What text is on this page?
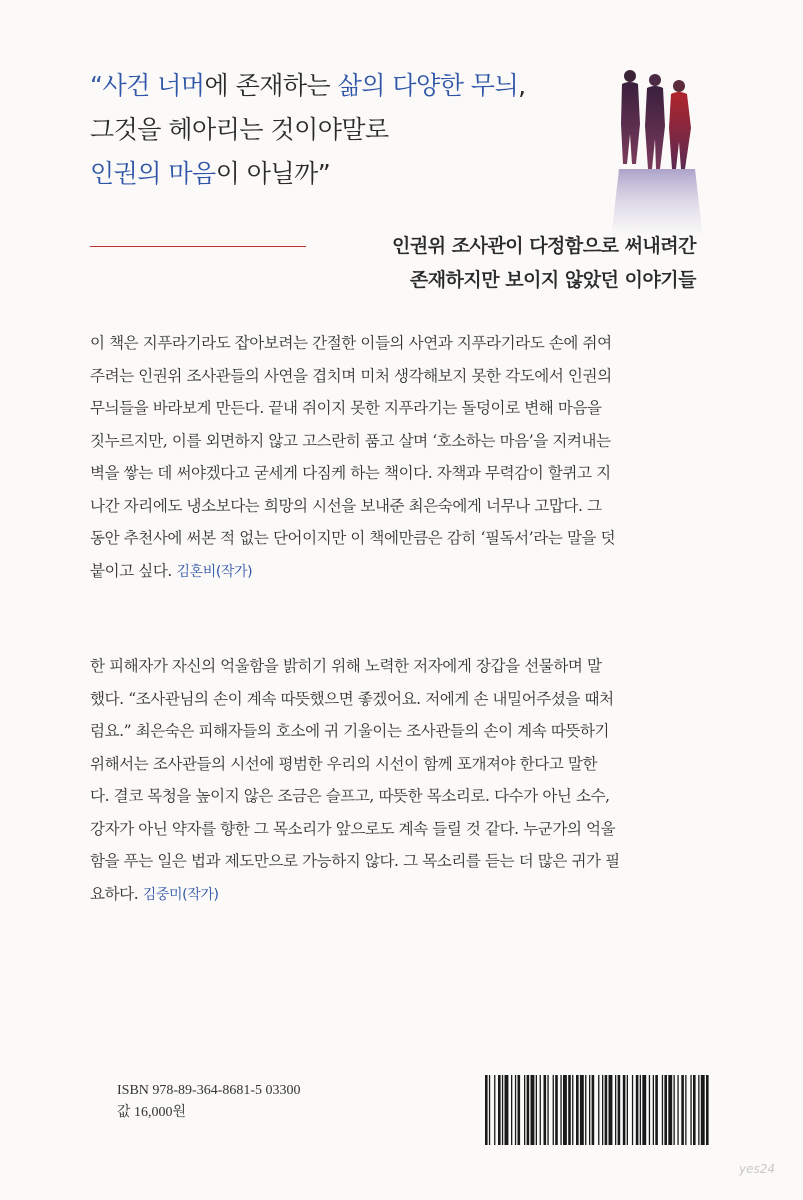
“사건 너머에 존재하는 삶의 다양한 무늬,
그것을 헤아리는 것이야말로
인권의 마음이 아닐까”
인권위 조사관이 다정함으로 써내려간
존재하지만 보이지 않았던 이야기들
이 책은 지푸라기라도 잡아보려는 간절한 이들의 사연과 지푸라기라도 손에 쥐여
주려는 인권위 조사관들의 사연을 겹치며 미처 생각해보지 못한 각도에서 인권의
무늬들을 바라보게 만든다. 끝내 쥐이지 못한 지푸라기는 돌덩이로 변해 마음을
짓누르지만, 이를 외면하지 않고 고스란히 품고 살며 ‘호소하는 마음’을 지켜내는
벽을 쌓는 데 써야겠다고 굳세게 다짐케 하는 책이다. 자책과 무력감이 할퀴고 지
나간 자리에도 냉소보다는 희망의 시선을 보내준 최은숙에게 너무나 고맙다. 그
동안 추천사에 써본 적 없는 단어이지만 이 책에만큼은 감히 ‘필독서’라는 말을 덧
붙이고 싶다. 김혼비(작가)
한 피해자가 자신의 억울함을 밝히기 위해 노력한 저자에게 장갑을 선물하며 말
했다. “조사관님의 손이 계속 따뜻했으면 좋겠어요. 저에게 손 내밀어주셨을 때처
럼요.” 최은숙은 피해자들의 호소에 귀 기울이는 조사관들의 손이 계속 따뜻하기
위해서는 조사관들의 시선에 평범한 우리의 시선이 함께 포개져야 한다고 말한
다. 결코 목청을 높이지 않은 조금은 슬프고, 따뜻한 목소리로. 다수가 아닌 소수,
강자가 아닌 약자를 향한 그 목소리가 앞으로도 계속 들릴 것 같다. 누군가의 억울
함을 푸는 일은 법과 제도만으로 가능하지 않다. 그 목소리를 듣는 더 많은 귀가 필
요하다. 김중미(작가)
ISBN 978-89-364-8681-5 03300
값 16,000원
yes24
